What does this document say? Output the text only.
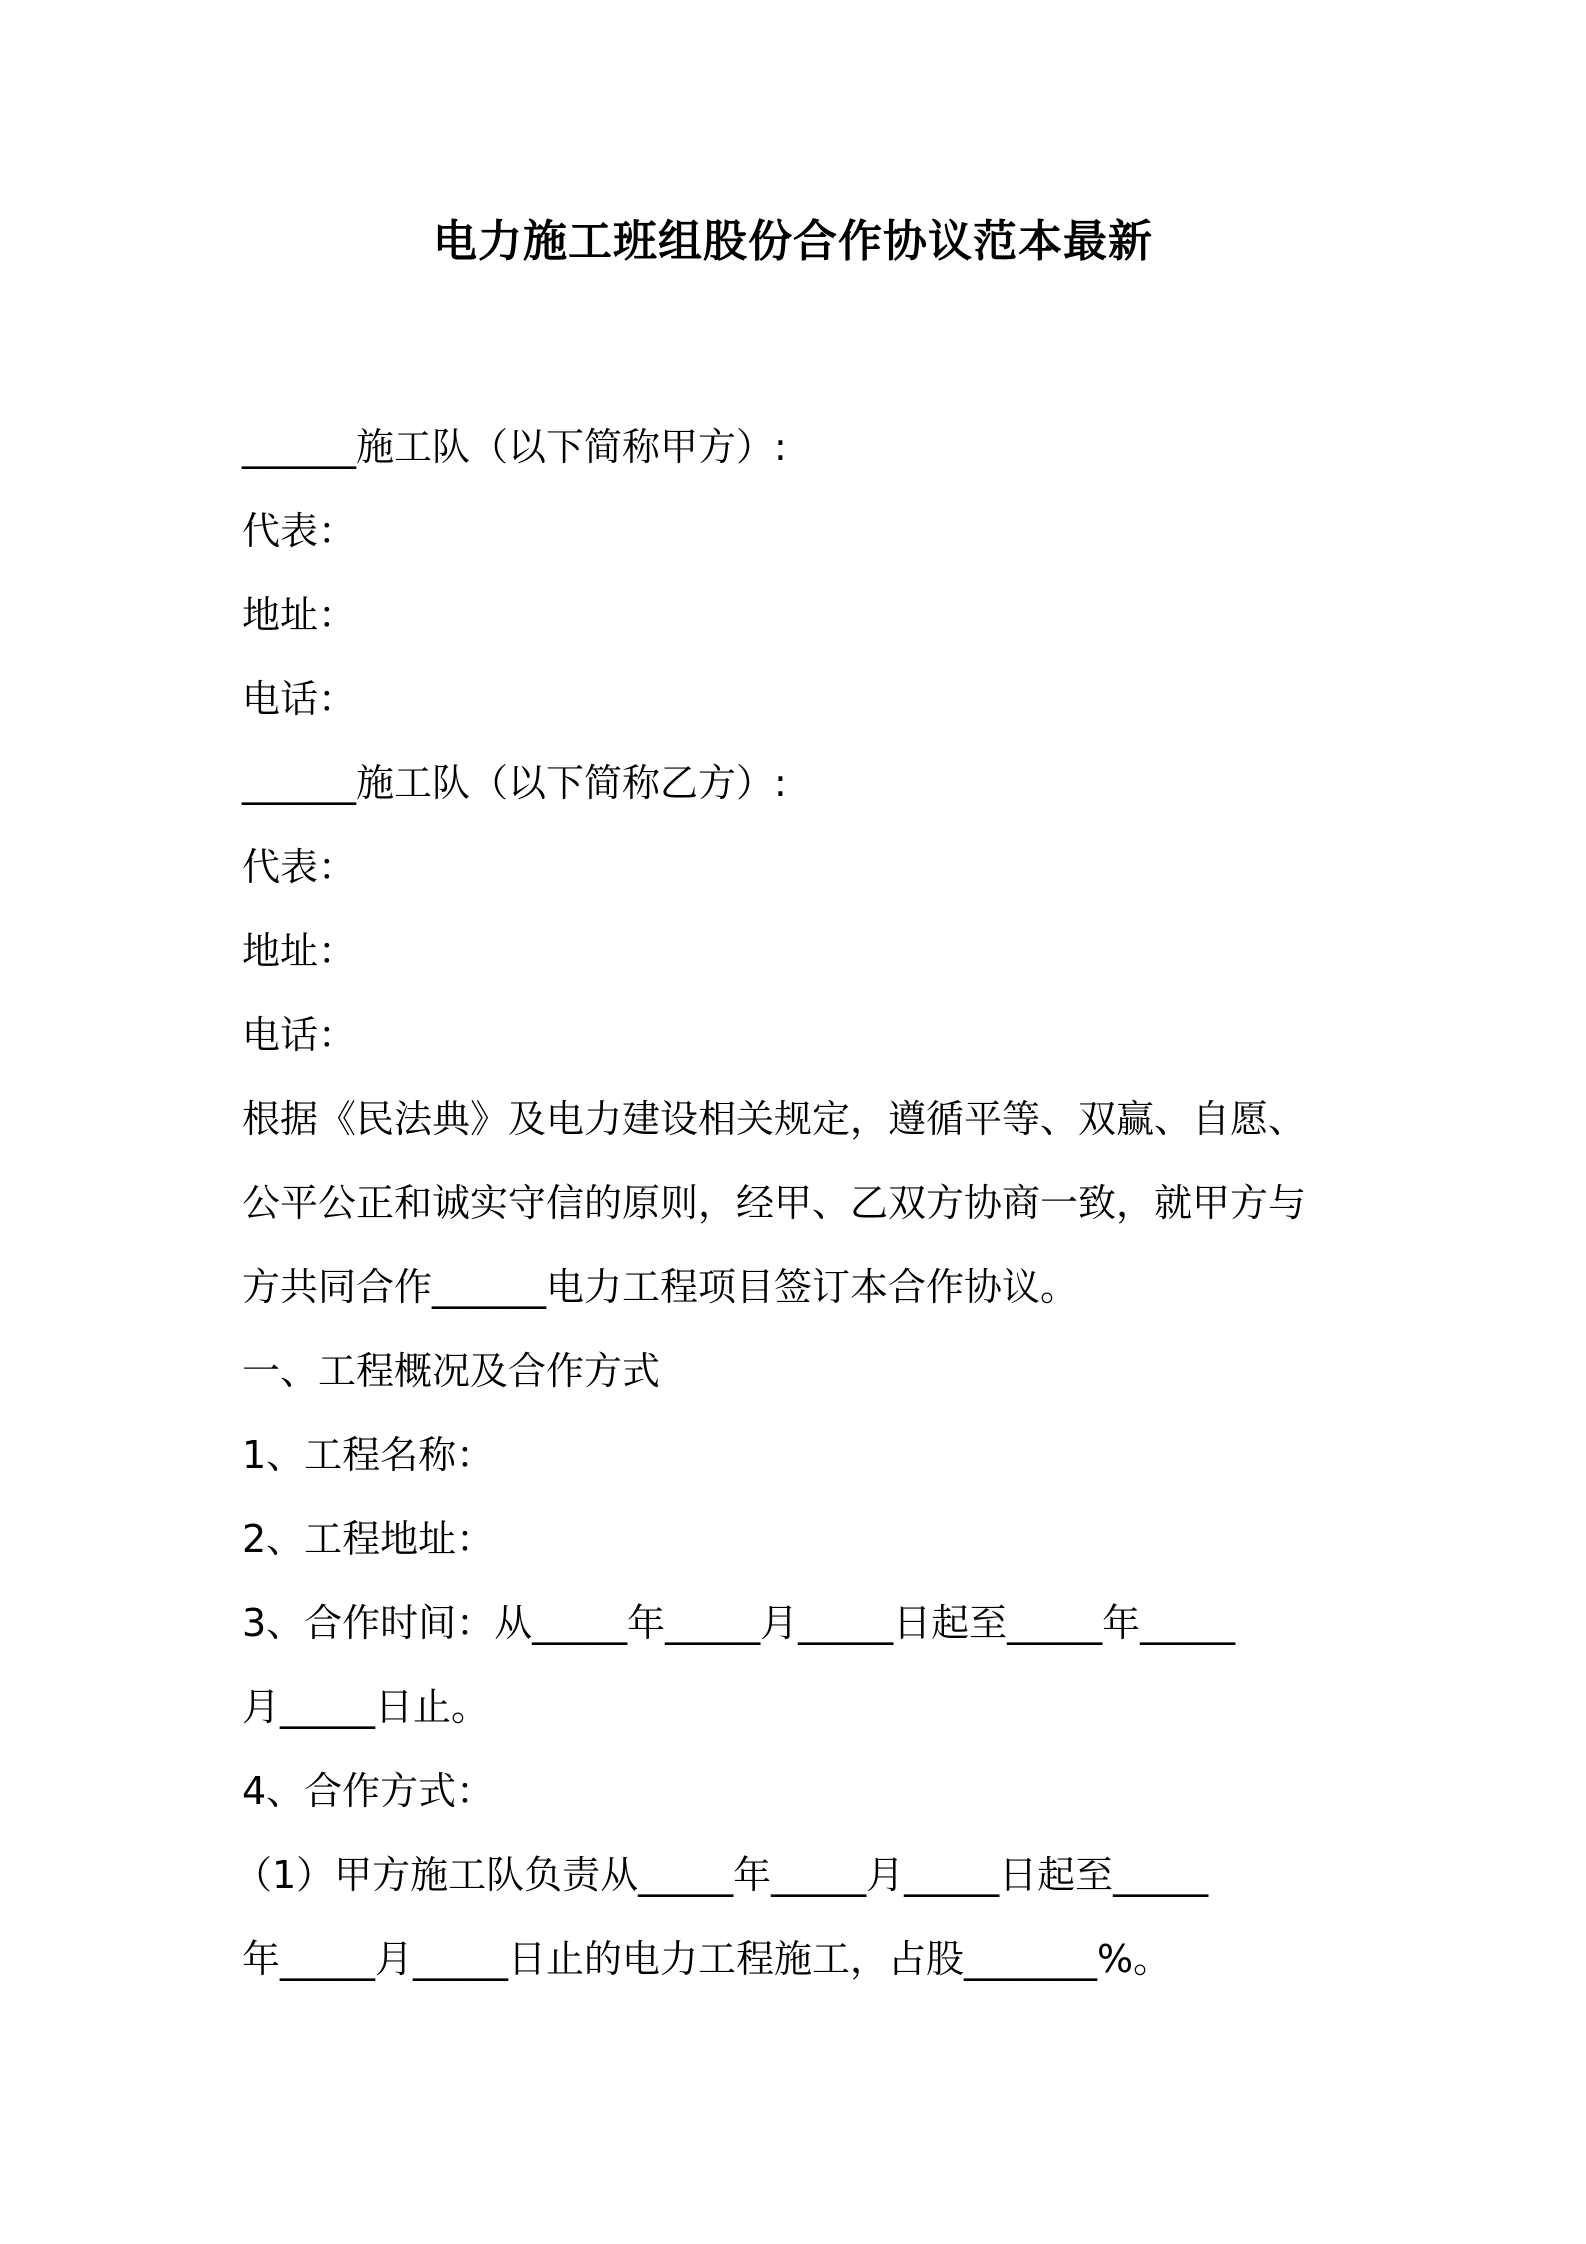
电力施工班组股份合作协议范本最新
______施工队（以下简称甲方）:
代表：
地址：
电话：
______施工队（以下简称乙方）:
代表：
地址：
电话：
根据《民法典》及电力建设相关规定，遵循平等、双赢、自愿、
公平公正和诚实守信的原则，经甲、乙双方协商一致，就甲方与
方共同合作______电力工程项目签订本合作协议。
一、工程概况及合作方式
1、工程名称：
2、工程地址：
3、合作时间：从_____年_____月_____日起至_____年_____
月_____日止。
4、合作方式：
（1）甲方施工队负责从_____年_____月_____日起至_____
年_____月_____日止的电力工程施工，占股_______%。
